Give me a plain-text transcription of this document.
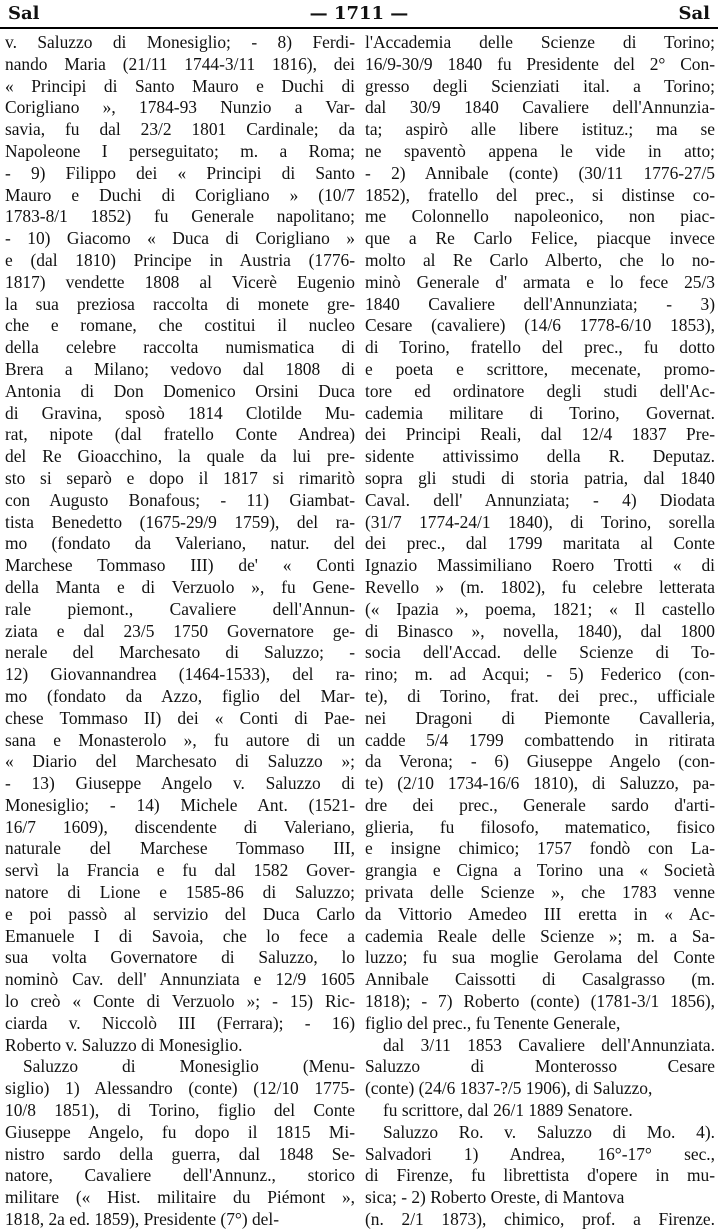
Sal	— 1711 —	Sal
v. Saluzzo di Monesiglio; - 8) Ferdi-
nando Maria (21/11 1744-3/11 1816), dei
« Principi di Santo Mauro e Duchi di
Corigliano », 1784-93 Nunzio a Var-
savia, fu dal 23/2 1801 Cardinale; da
Napoleone I perseguitato; m. a Roma;
- 9) Filippo dei « Principi di Santo
Mauro e Duchi di Corigliano » (10/7
1783-8/1 1852) fu Generale napolitano;
- 10) Giacomo « Duca di Corigliano »
e (dal 1810) Principe in Austria (1776-
1817) vendette 1808 al Vicerè Eugenio
la sua preziosa raccolta di monete gre-
che e romane, che costitui il nucleo
della celebre raccolta numismatica di
Brera a Milano; vedovo dal 1808 di
Antonia di Don Domenico Orsini Duca
di Gravina, sposò 1814 Clotilde Mu-
rat, nipote (dal fratello Conte Andrea)
del Re Gioacchino, la quale da lui pre-
sto si separò e dopo il 1817 si rimaritò
con Augusto Bonafous; - 11) Giambat-
tista Benedetto (1675-29/9 1759), del ra-
mo (fondato da Valeriano, natur. del
Marchese Tommaso III) de' « Conti
della Manta e di Verzuolo », fu Gene-
rale piemont., Cavaliere dell'Annun-
ziata e dal 23/5 1750 Governatore ge-
nerale del Marchesato di Saluzzo; -
12) Giovannandrea (1464-1533), del ra-
mo (fondato da Azzo, figlio del Mar-
chese Tommaso II) dei « Conti di Pae-
sana e Monasterolo », fu autore di un
« Diario del Marchesato di Saluzzo »;
- 13) Giuseppe Angelo v. Saluzzo di
Monesiglio; - 14) Michele Ant. (1521-
16/7 1609), discendente di Valeriano,
naturale del Marchese Tommaso III,
servì la Francia e fu dal 1582 Gover-
natore di Lione e 1585-86 di Saluzzo;
e poi passò al servizio del Duca Carlo
Emanuele I di Savoia, che lo fece a
sua volta Governatore di Saluzzo, lo
nominò Cav. dell' Annunziata e 12/9 1605
lo creò « Conte di Verzuolo »; - 15) Ric-
ciarda v. Niccolò III (Ferrara); - 16)
Roberto v. Saluzzo di Monesiglio.
Saluzzo di Monesiglio (Menu-
siglio) 1) Alessandro (conte) (12/10 1775-
10/8 1851), di Torino, figlio del Conte
Giuseppe Angelo, fu dopo il 1815 Mi-
nistro sardo della guerra, dal 1848 Se-
natore, Cavaliere dell'Annunz., storico
militare (« Hist. militaire du Piémont »,
1818, 2a ed. 1859), Presidente (7°) del-
l'Accademia delle Scienze di Torino;
16/9-30/9 1840 fu Presidente del 2° Con-
gresso degli Scienziati ital. a Torino;
dal 30/9 1840 Cavaliere dell'Annunzia-
ta; aspirò alle libere istituz.; ma se
ne spaventò appena le vide in atto;
- 2) Annibale (conte) (30/11 1776-27/5
1852), fratello del prec., si distinse co-
me Colonnello napoleonico, non piac-
que a Re Carlo Felice, piacque invece
molto al Re Carlo Alberto, che lo no-
minò Generale d' armata e lo fece 25/3
1840 Cavaliere dell'Annunziata; - 3)
Cesare (cavaliere) (14/6 1778-6/10 1853),
di Torino, fratello del prec., fu dotto
e poeta e scrittore, mecenate, promo-
tore ed ordinatore degli studi dell'Ac-
cademia militare di Torino, Governat.
dei Principi Reali, dal 12/4 1837 Pre-
sidente attivissimo della R. Deputaz.
sopra gli studi di storia patria, dal 1840
Caval. dell' Annunziata; - 4) Diodata
(31/7 1774-24/1 1840), di Torino, sorella
dei prec., dal 1799 maritata al Conte
Ignazio Massimiliano Roero Trotti « di
Revello » (m. 1802), fu celebre letterata
(« Ipazia », poema, 1821; « Il castello
di Binasco », novella, 1840), dal 1800
socia dell'Accad. delle Scienze di To-
rino; m. ad Acqui; - 5) Federico (con-
te), di Torino, frat. dei prec., ufficiale
nei Dragoni di Piemonte Cavalleria,
cadde 5/4 1799 combattendo in ritirata
da Verona; - 6) Giuseppe Angelo (con-
te) (2/10 1734-16/6 1810), di Saluzzo, pa-
dre dei prec., Generale sardo d'arti-
glieria, fu filosofo, matematico, fisico
e insigne chimico; 1757 fondò con La-
grangia e Cigna a Torino una « Società
privata delle Scienze », che 1783 venne
da Vittorio Amedeo III eretta in « Ac-
cademia Reale delle Scienze »; m. a Sa-
luzzo; fu sua moglie Gerolama del Conte
Annibale Caissotti di Casalgrasso (m.
1818); - 7) Roberto (conte) (1781-3/1 1856),
figlio del prec., fu Tenente Generale,
dal 3/11 1853 Cavaliere dell'Annunziata.
Saluzzo di Monterosso Cesare
(conte) (24/6 1837-?/5 1906), di Saluzzo,
fu scrittore, dal 26/1 1889 Senatore.
Saluzzo Ro. v. Saluzzo di Mo. 4).
Salvadori 1) Andrea, 16°-17° sec.,
di Firenze, fu librettista d'opere in mu-
sica; - 2) Roberto Oreste, di Mantova
(n. 2/1 1873), chimico, prof. a Firenze.
